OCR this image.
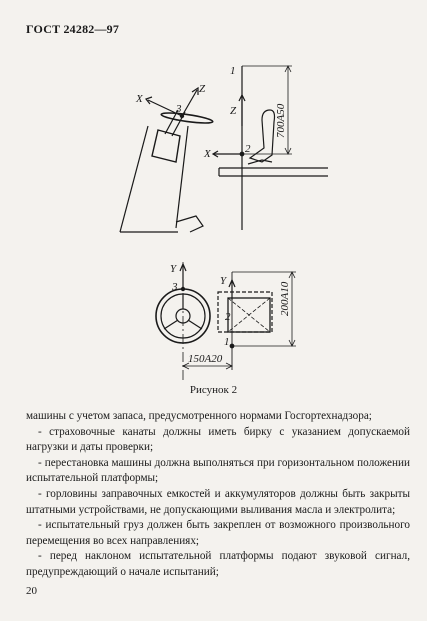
ГОСТ 24282—97
X
Z
3
1
Z
X	2
700А50
Y
3	Y
2
1
200А10
150А20
Рисунок 2

машины с учетом запаса, предусмотренного нормами Госгортехнадзора;

- страховочные канаты должны иметь бирку с указанием допускаемой нагрузки и даты проверки;

- перестановка машины должна выполняться при горизонтальном положении испытательной платформы;

- горловины заправочных емкостей и аккумуляторов должны быть закрыты штатными устройствами, не допускающими выливания масла и электролита;

- испытательный груз должен быть закреплен от возможного произвольного перемещения во всех направлениях;

- перед наклоном испытательной платформы подают звуковой сигнал, предупреждающий о начале испытаний;

20
